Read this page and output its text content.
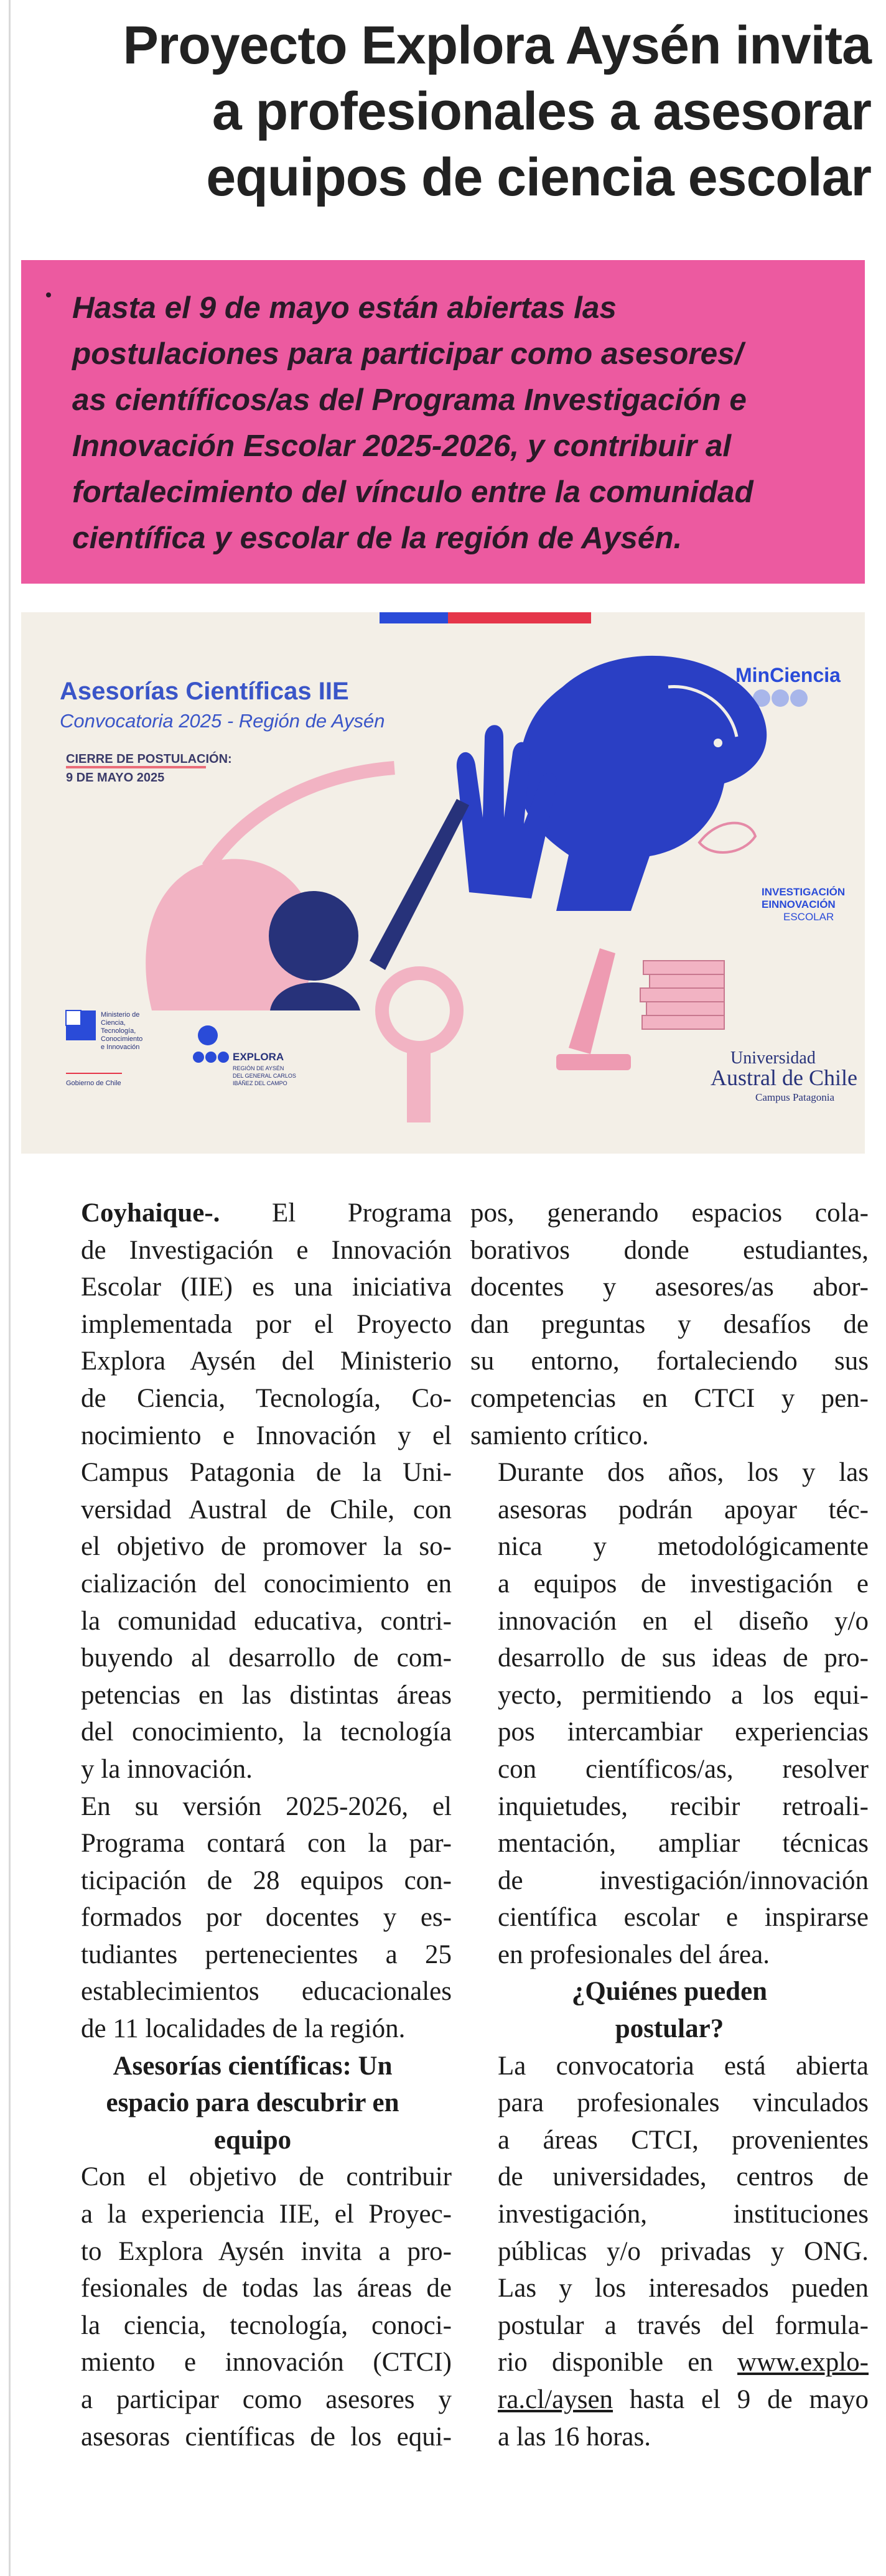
Proyecto Explora Aysén invita
a profesionales a asesorar
equipos de ciencia escolar

Hasta el 9 de mayo están abiertas las
postulaciones para participar como asesores/
as científicos/as del Programa Investigación e
Innovación Escolar 2025-2026, y contribuir al
fortalecimiento del vínculo entre la comunidad
científica y escolar de la región de Aysén.

Asesorías Científicas IIE
Convocatoria 2025 - Región de Aysén
CIERRE DE POSTULACIÓN:
9 DE MAYO 2025
MinCiencia
INVESTIGACIÓN
EINNOVACIÓN
ESCOLAR
Ministerio de
Ciencia,
Tecnología,
Conocimiento
e Innovación
Gobierno de Chile
EXPLORA
REGIÓN DE AYSÉN
DEL GENERAL CARLOS
IBÁÑEZ DEL CAMPO
Universidad
Austral de Chile
Campus Patagonia

Coyhaique-. El Programa
de Investigación e Innovación
Escolar (IIE) es una iniciativa
implementada por el Proyecto
Explora Aysén del Ministerio
de Ciencia, Tecnología, Co-
nocimiento e Innovación y el
Campus Patagonia de la Uni-
versidad Austral de Chile, con
el objetivo de promover la so-
cialización del conocimiento en
la comunidad educativa, contri-
buyendo al desarrollo de com-
petencias en las distintas áreas
del conocimiento, la tecnología
y la innovación.

En su versión 2025-2026, el
Programa contará con la par-
ticipación de 28 equipos con-
formados por docentes y es-
tudiantes pertenecientes a 25
establecimientos educacionales
de 11 localidades de la región.

Asesorías científicas: Un
espacio para descubrir en
equipo

Con el objetivo de contribuir
a la experiencia IIE, el Proyec-
to Explora Aysén invita a pro-
fesionales de todas las áreas de
la ciencia, tecnología, conoci-
miento e innovación (CTCI)
a participar como asesores y
asesoras científicas de los equi-

pos, generando espacios cola-
borativos donde estudiantes,
docentes y asesores/as abor-
dan preguntas y desafíos de
su entorno, fortaleciendo sus
competencias en CTCI y pen-
samiento crítico.

Durante dos años, los y las
asesoras podrán apoyar téc-
nica y metodológicamente
a equipos de investigación e
innovación en el diseño y/o
desarrollo de sus ideas de pro-
yecto, permitiendo a los equi-
pos intercambiar experiencias
con científicos/as, resolver
inquietudes, recibir retroali-
mentación, ampliar técnicas
de investigación/innovación
científica escolar e inspirarse
en profesionales del área.

¿Quiénes pueden
postular?

La convocatoria está abierta
para profesionales vinculados
a áreas CTCI, provenientes
de universidades, centros de
investigación, instituciones
públicas y/o privadas y ONG.
Las y los interesados pueden
postular a través del formula-
rio disponible en www.explo-
ra.cl/aysen hasta el 9 de mayo
a las 16 horas.
